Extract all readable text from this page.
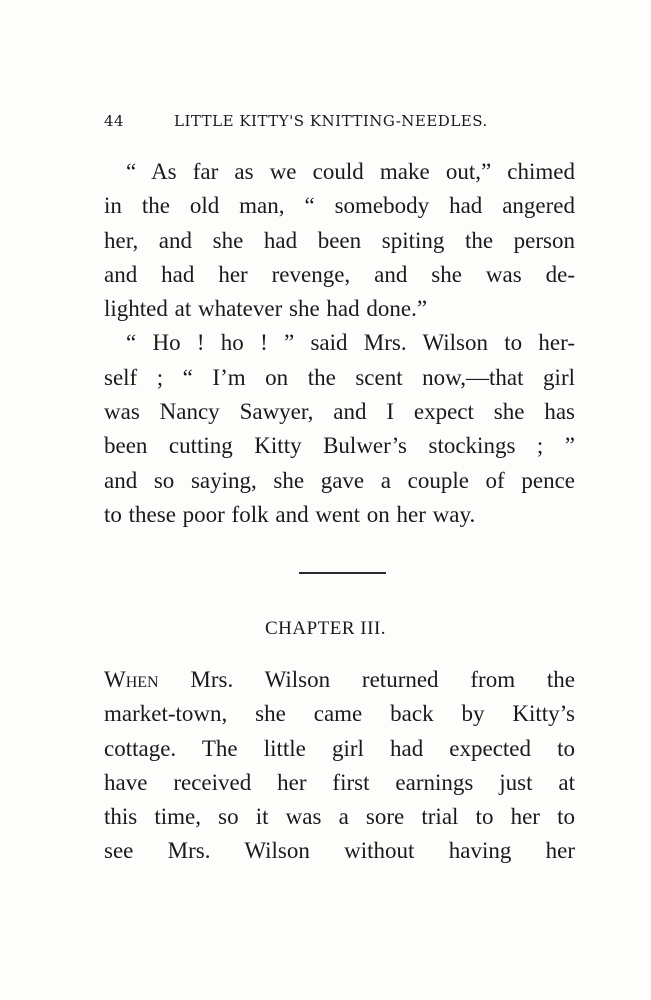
44	LITTLE KITTY'S KNITTING-NEEDLES.
“ As far as we could make out,” chimed
in the old man, “ somebody had angered
her, and she had been spiting the person
and had her revenge, and she was de-
lighted at whatever she had done.”
“ Ho ! ho ! ” said Mrs. Wilson to her-
self ; “ I’m on the scent now,—that girl
was Nancy Sawyer, and I expect she has
been cutting Kitty Bulwer’s stockings ; ”
and so saying, she gave a couple of pence
to these poor folk and went on her way.
CHAPTER III.
When Mrs. Wilson returned from the
market-town, she came back by Kitty’s
cottage. The little girl had expected to
have received her first earnings just at
this time, so it was a sore trial to her to
see Mrs. Wilson without having her
